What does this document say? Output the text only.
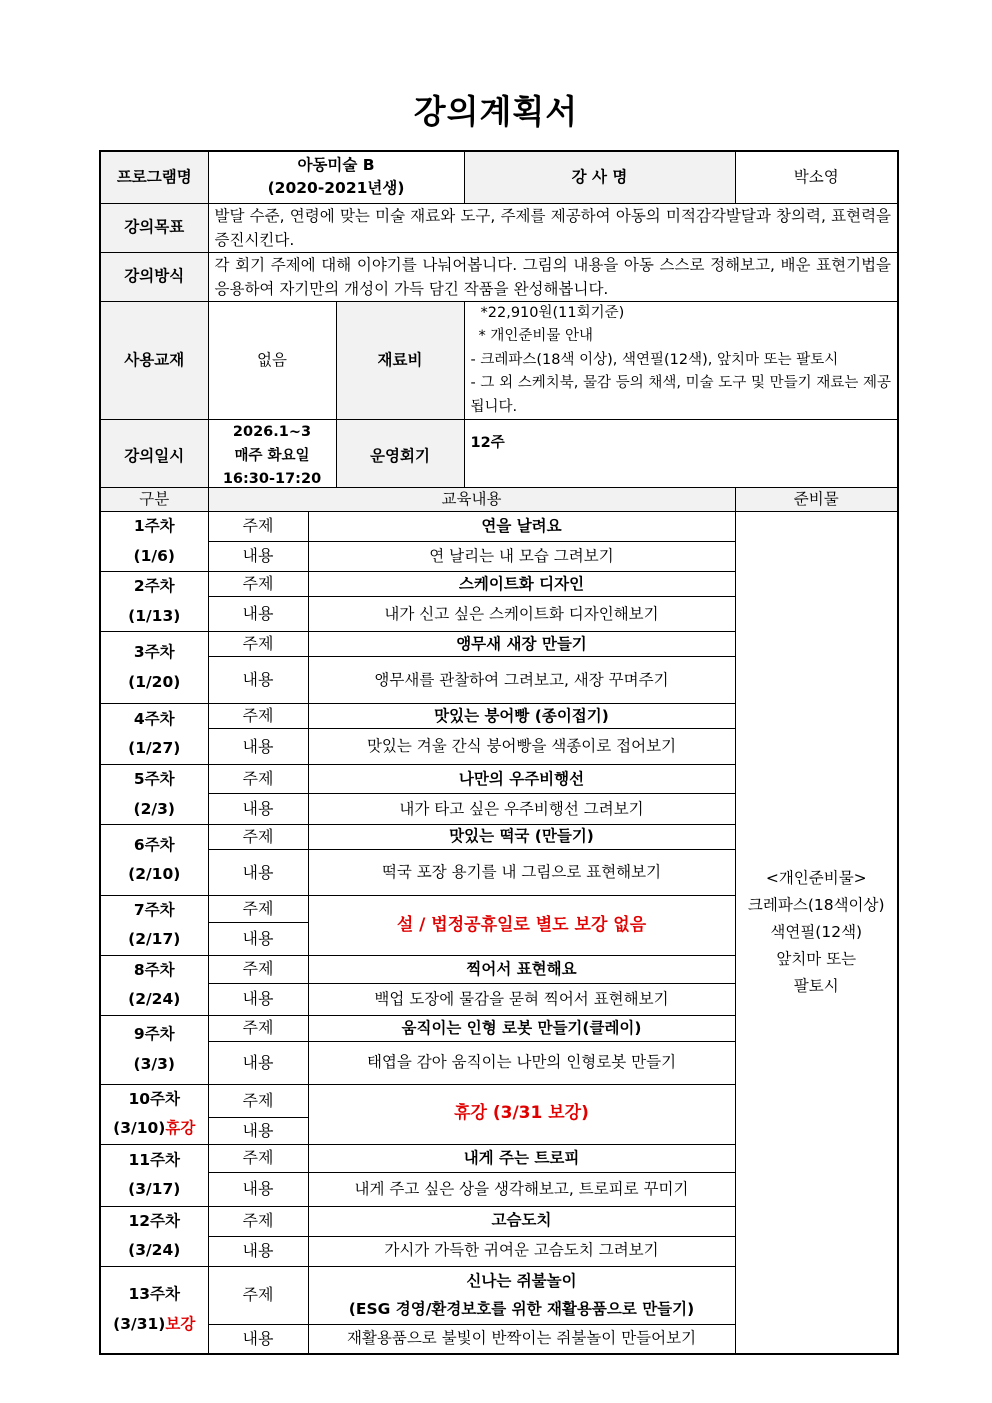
강의계획서
프로그램명	아동미술 B
(2020-2021년생)		강 사 명	박소영
강의목표	발달 수준, 연령에 맞는 미술 재료와 도구, 주제를 제공하여 아동의 미적감각발달과 창의력, 표현력을 증진시킨다.			
강의방식	각 회기 주제에 대해 이야기를 나눠어봅니다. 그림의 내용을 아동 스스로 정해보고, 배운 표현기법을 응용하여 자기만의 개성이 가득 담긴 작품을 완성해봅니다.			
사용교재	없음	재료비	*22,910원(11회기준)
* 개인준비물 안내
- 크레파스(18색 이상), 색연필(12색), 앞치마 또는 팔토시
- 그 외 스케치북, 물감 등의 채색, 미술 도구 및 만들기 재료는 제공됩니다.	

강의일시	2026.1~3
매주 화요일
16:30-17:20	운영회기	12주	
구분	교육내용		준비물

1주차
(1/6)	주제	연을 날려요	<개인준비물>
크레파스(18색이상)
색연필(12색)
앞치마 또는
팔토시

	내용	연 날리는 내 모습 그려보기	

2주차
(1/13)	주제	스케이트화 디자인	
	내용	내가 신고 싶은 스케이트화 디자인해보기	

3주차
(1/20)	주제	앵무새 새장 만들기	
	내용	앵무새를 관찰하여 그려보고, 새장 꾸며주기	

4주차
(1/27)	주제	맛있는 붕어빵 (종이접기)	
	내용	맛있는 겨울 간식 붕어빵을 색종이로 접어보기	

5주차
(2/3)	주제	나만의 우주비행선	
	내용	내가 타고 싶은 우주비행선 그려보기	

6주차
(2/10)	주제	맛있는 떡국 (만들기)	
	내용	떡국 포장 용기를 내 그림으로 표현해보기	

7주차
(2/17)	주제	설 / 법정공휴일로 별도 보강 없음	
	내용		

8주차
(2/24)	주제	찍어서 표현해요	
	내용	백업 도장에 물감을 묻혀 찍어서 표현해보기	

9주차
(3/3)	주제	움직이는 인형 로봇 만들기(클레이)	
	내용	태엽을 감아 움직이는 나만의 인형로봇 만들기	

10주차
(3/10)휴강	주제	휴강 (3/31 보강)	
	내용		

11주차
(3/17)	주제	내게 주는 트로피	
	내용	내게 주고 싶은 상을 생각해보고, 트로피로 꾸미기	

12주차
(3/24)	주제	고슴도치	
	내용	가시가 가득한 귀여운 고슴도치 그려보기	

13주차
(3/31)보강	주제	신나는 쥐불놀이
(ESG 경영/환경보호를 위한 재활용품으로 만들기)	

	내용	재활용품으로 불빛이 반짝이는 쥐불놀이 만들어보기	
